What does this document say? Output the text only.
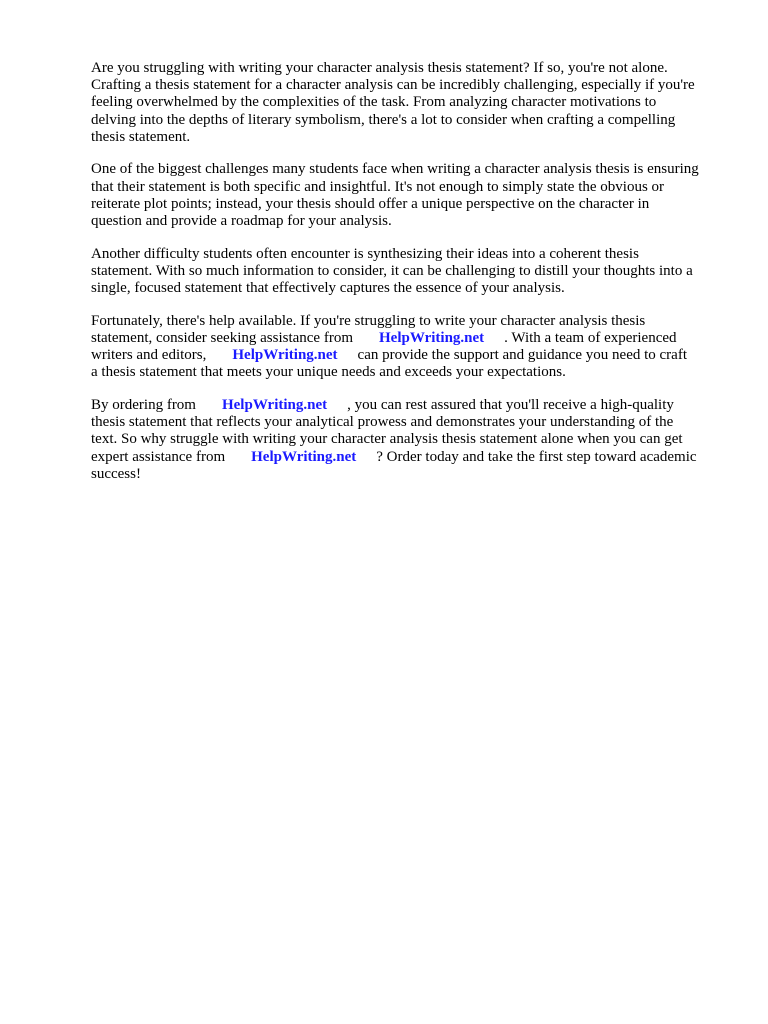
Are you struggling with writing your character analysis thesis statement? If so, you're not alone.

Crafting a thesis statement for a character analysis can be incredibly challenging, especially if you're

feeling overwhelmed by the complexities of the task. From analyzing character motivations to

delving into the depths of literary symbolism, there's a lot to consider when crafting a compelling

thesis statement.

One of the biggest challenges many students face when writing a character analysis thesis is ensuring

that their statement is both specific and insightful. It's not enough to simply state the obvious or

reiterate plot points; instead, your thesis should offer a unique perspective on the character in

question and provide a roadmap for your analysis.

Another difficulty students often encounter is synthesizing their ideas into a coherent thesis

statement. With so much information to consider, it can be challenging to distill your thoughts into a

single, focused statement that effectively captures the essence of your analysis.

Fortunately, there's help available. If you're struggling to write your character analysis thesis

statement, consider seeking assistance from HelpWriting.net . With a team of experienced

writers and editors, HelpWriting.net can provide the support and guidance you need to craft

a thesis statement that meets your unique needs and exceeds your expectations.

By ordering from HelpWriting.net , you can rest assured that you'll receive a high-quality

thesis statement that reflects your analytical prowess and demonstrates your understanding of the

text. So why struggle with writing your character analysis thesis statement alone when you can get

expert assistance from HelpWriting.net ? Order today and take the first step toward academic

success!
